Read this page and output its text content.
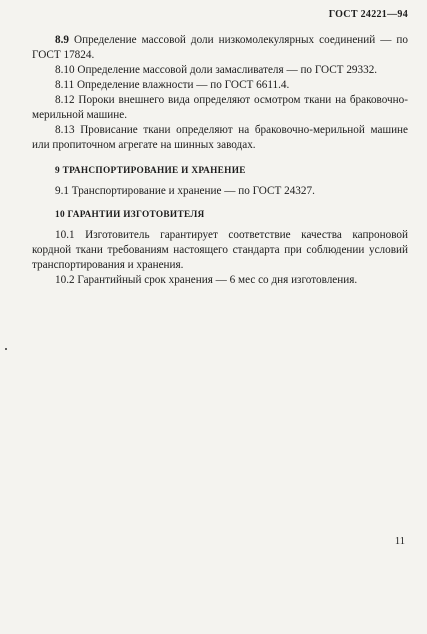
ГОСТ 24221—94

8.9 Определение массовой доли низкомолекулярных соединений — по ГОСТ 17824.

8.10 Определение массовой доли замасливателя — по ГОСТ 29332.

8.11 Определение влажности — по ГОСТ 6611.4.

8.12 Пороки внешнего вида определяют осмотром ткани на браковочно-мерильной машине.

8.13 Провисание ткани определяют на браковочно-мерильной машине или пропиточном агрегате на шинных заводах.

9 ТРАНСПОРТИРОВАНИЕ И ХРАНЕНИЕ

9.1 Транспортирование и хранение — по ГОСТ 24327.

10 ГАРАНТИИ ИЗГОТОВИТЕЛЯ

10.1 Изготовитель гарантирует соответствие качества капроновой кордной ткани требованиям настоящего стандарта при соблюдении условий транспортирования и хранения.

10.2 Гарантийный срок хранения — 6 мес со дня изготовления.

11
